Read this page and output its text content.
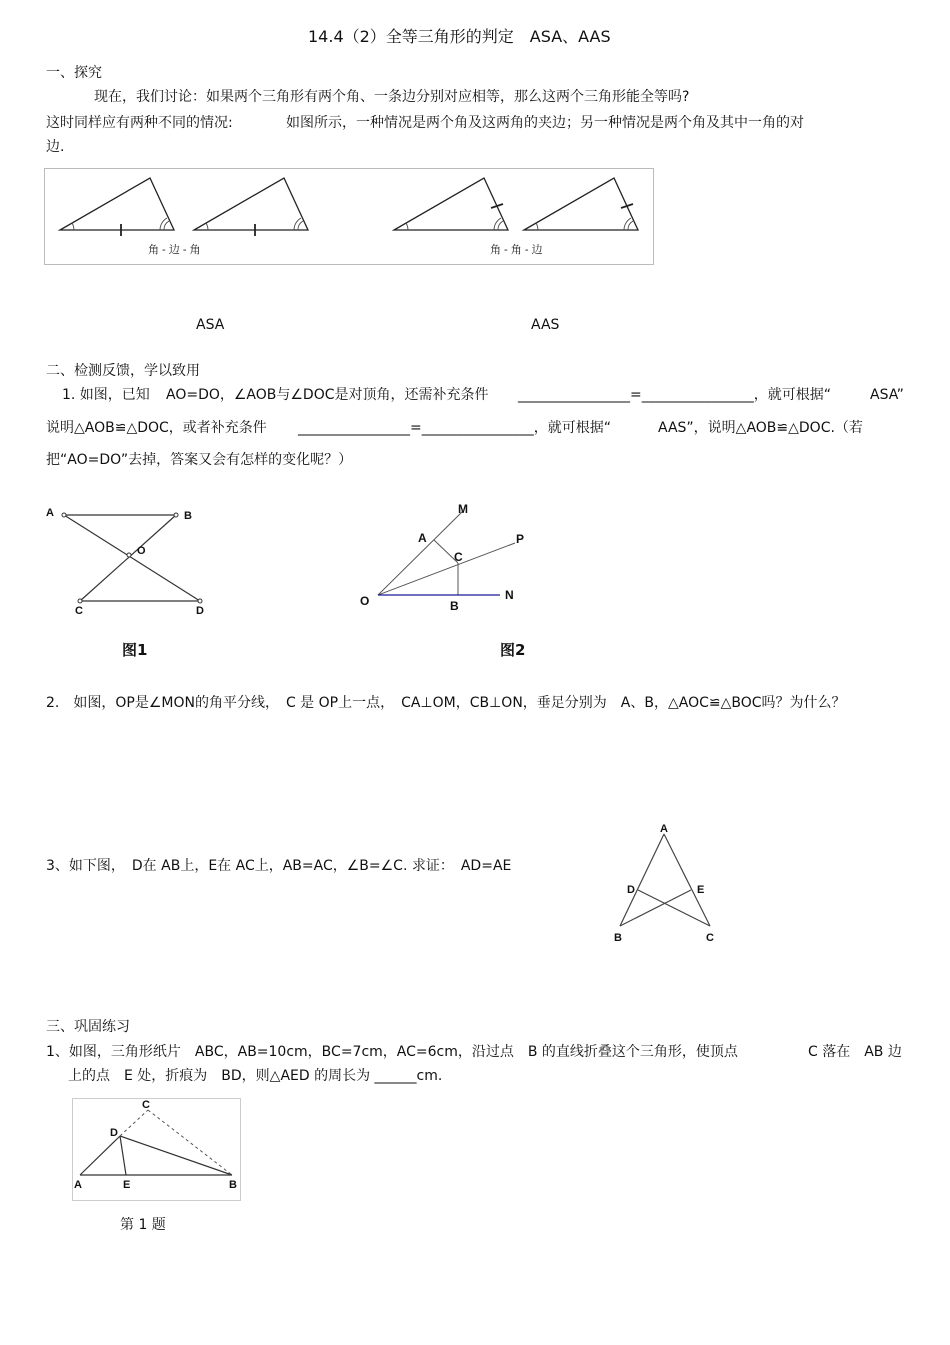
14.4（2）全等三角形的判定　ASA、AAS
一、探究
现在，我们讨论：如果两个三角形有两个角、一条边分别对应相等，那么这两个三角形能全等吗?
这时同样应有两种不同的情况:	如图所示，一种情况是两个角及这两角的夹边；另一种情况是两个角及其中一角的对
边.
角 - 边 - 角	角 - 角 - 边
ASA	AAS
二、检测反馈，学以致用
1. 如图，已知 AO=DO，∠AOB与∠DOC是对顶角，还需补充条件 ________________=________________，就可根据“	ASA”
说明△AOB≌△DOC，或者补充条件 ________________=________________，就可根据“	AAS”，说明△AOB≌△DOC.（若
把“AO=DO”去掉，答案又会有怎样的变化呢？）
A	B
O
C	D
图1
M
A
C
P
O	B
N
图2
2.　如图，OP是∠MON的角平分线，　C 是 OP上一点，　CA⊥OM，CB⊥ON，垂足分别为　A、B，△AOC≌△BOC吗？为什么？
3、如下图，　D在 AB上，E在 AC上，AB=AC，∠B=∠C. 求证：　AD=AE
A
D	E
B	C
三、巩固练习
1、如图，三角形纸片　ABC，AB=10cm，BC=7cm，AC=6cm，沿过点　B 的直线折叠这个三角形，使顶点	C 落在　AB 边
上的点　E 处，折痕为　BD，则△AED 的周长为 ______cm.
C
D
A	E	B
第 1 题
